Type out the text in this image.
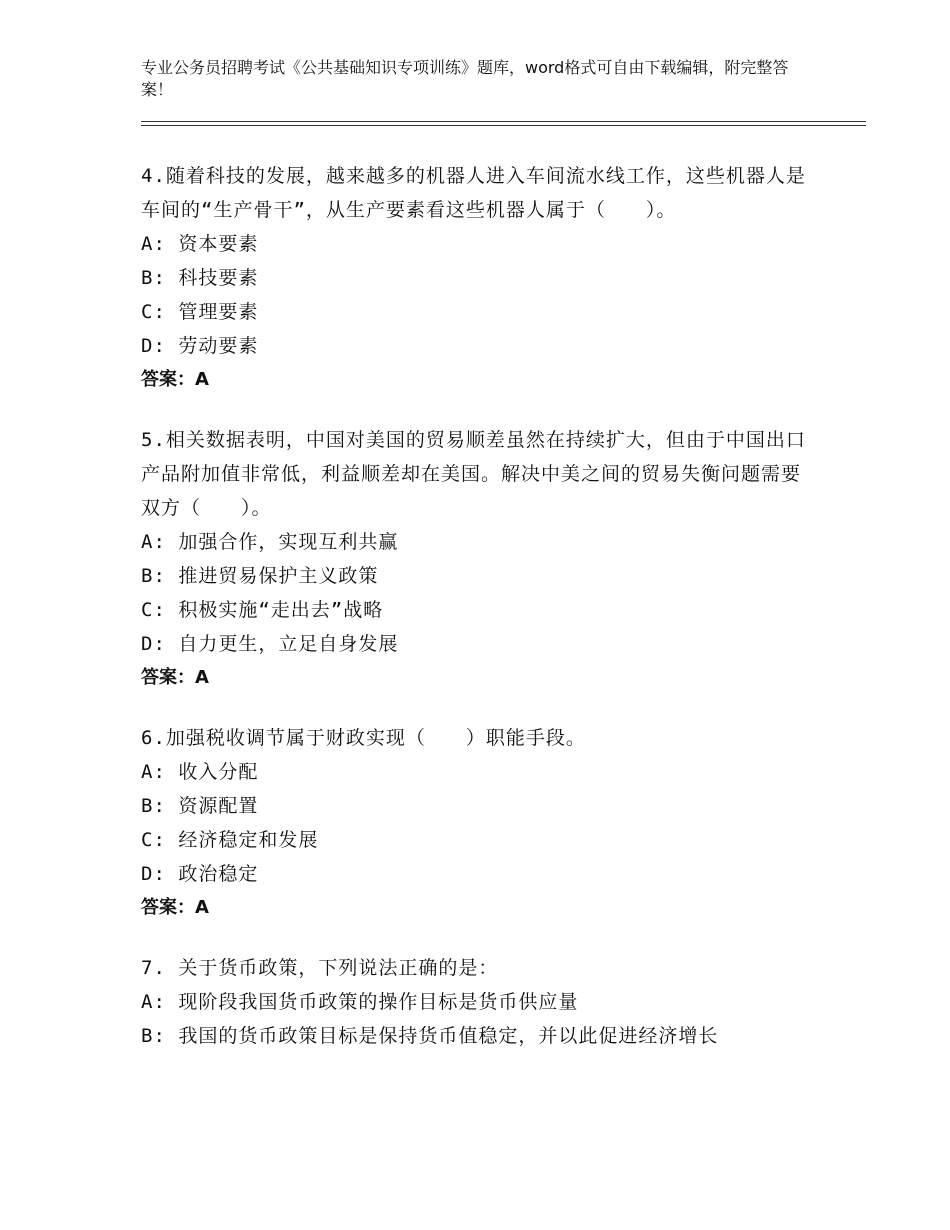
专业公务员招聘考试《公共基础知识专项训练》题库，word格式可自由下载编辑，附完整答案！
4.随着科技的发展，越来越多的机器人进入车间流水线工作，这些机器人是车间的“生产骨干”，从生产要素看这些机器人属于（　　）。
A: 资本要素
B: 科技要素
C: 管理要素
D: 劳动要素
答案：A
5.相关数据表明，中国对美国的贸易顺差虽然在持续扩大，但由于中国出口产品附加值非常低，利益顺差却在美国。解决中美之间的贸易失衡问题需要双方（　　）。
A: 加强合作，实现互利共赢
B: 推进贸易保护主义政策
C: 积极实施“走出去”战略
D: 自力更生，立足自身发展
答案：A
6.加强税收调节属于财政实现（　　）职能手段。
A: 收入分配
B: 资源配置
C: 经济稳定和发展
D: 政治稳定
答案：A
7. 关于货币政策，下列说法正确的是：
A: 现阶段我国货币政策的操作目标是货币供应量
B: 我国的货币政策目标是保持货币值稳定，并以此促进经济增长
